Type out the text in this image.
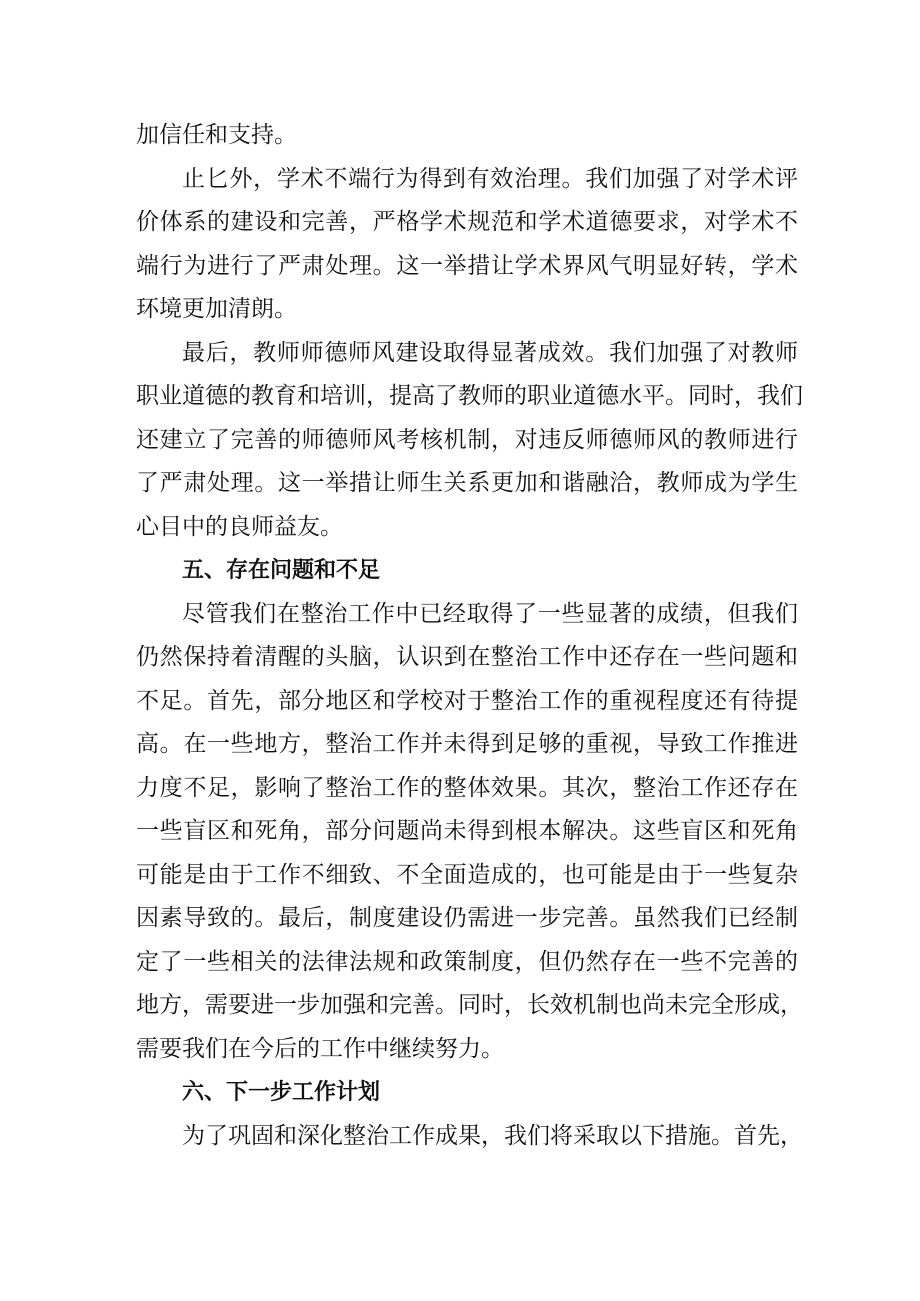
加信任和支持。
止匕外，学术不端行为得到有效治理。我们加强了对学术评
价体系的建设和完善，严格学术规范和学术道德要求，对学术不
端行为进行了严肃处理。这一举措让学术界风气明显好转，学术
环境更加清朗。
最后，教师师德师风建设取得显著成效。我们加强了对教师
职业道德的教育和培训，提高了教师的职业道德水平。同时，我们
还建立了完善的师德师风考核机制，对违反师德师风的教师进行
了严肃处理。这一举措让师生关系更加和谐融洽，教师成为学生
心目中的良师益友。
五、存在问题和不足
尽管我们在整治工作中已经取得了一些显著的成绩，但我们
仍然保持着清醒的头脑，认识到在整治工作中还存在一些问题和
不足。首先，部分地区和学校对于整治工作的重视程度还有待提
高。在一些地方，整治工作并未得到足够的重视，导致工作推进
力度不足，影响了整治工作的整体效果。其次，整治工作还存在
一些盲区和死角，部分问题尚未得到根本解决。这些盲区和死角
可能是由于工作不细致、不全面造成的，也可能是由于一些复杂
因素导致的。最后，制度建设仍需进一步完善。虽然我们已经制
定了一些相关的法律法规和政策制度，但仍然存在一些不完善的
地方，需要进一步加强和完善。同时，长效机制也尚未完全形成，
需要我们在今后的工作中继续努力。
六、下一步工作计划
为了巩固和深化整治工作成果，我们将采取以下措施。首先，
